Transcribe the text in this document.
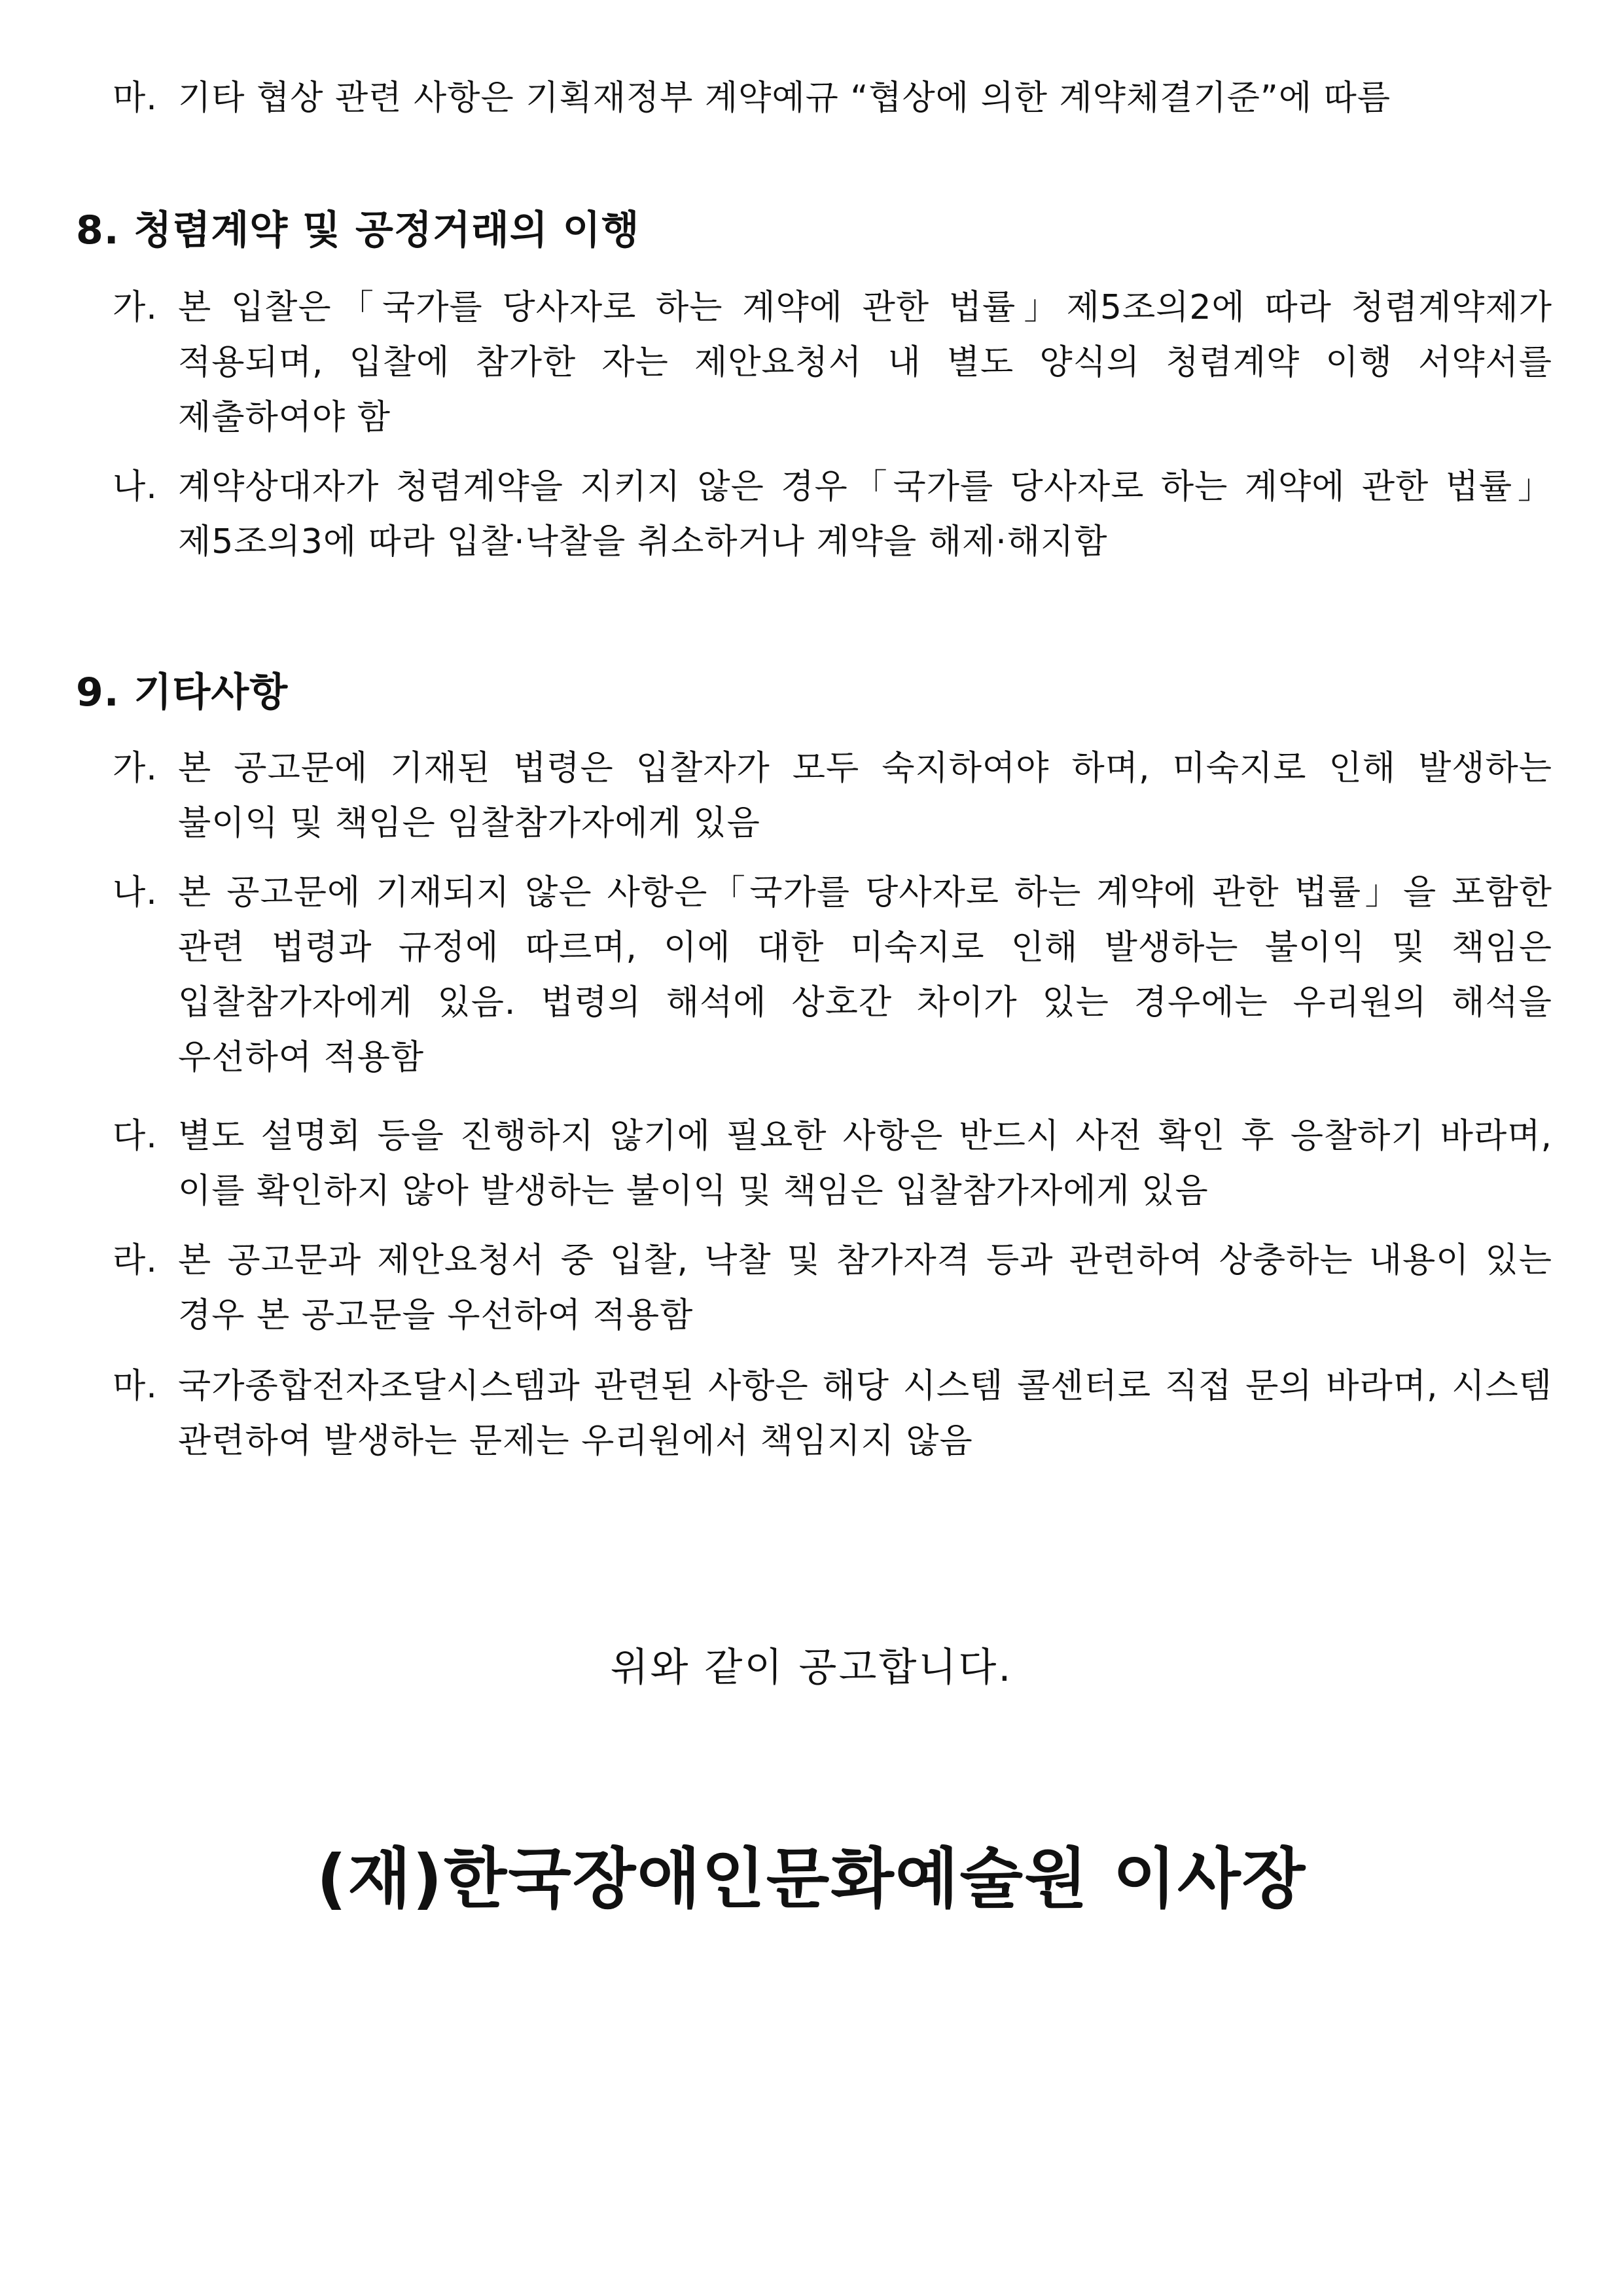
마. 기타 협상 관련 사항은 기획재정부 계약예규 “협상에 의한 계약체결기준”에 따름
8. 청렴계약 및 공정거래의 이행
가. 본 입찰은「국가를 당사자로 하는 계약에 관한 법률」제5조의2에 따라 청렴계약제가 적용되며, 입찰에 참가한 자는 제안요청서 내 별도 양식의 청렴계약 이행 서약서를 제출하여야 함
나. 계약상대자가 청렴계약을 지키지 않은 경우「국가를 당사자로 하는 계약에 관한 법률」제5조의3에 따라 입찰·낙찰을 취소하거나 계약을 해제·해지함
9. 기타사항
가. 본 공고문에 기재된 법령은 입찰자가 모두 숙지하여야 하며, 미숙지로 인해 발생하는 불이익 및 책임은 임찰참가자에게 있음
나. 본 공고문에 기재되지 않은 사항은「국가를 당사자로 하는 계약에 관한 법률」을 포함한 관련 법령과 규정에 따르며, 이에 대한 미숙지로 인해 발생하는 불이익 및 책임은 입찰참가자에게 있음. 법령의 해석에 상호간 차이가 있는 경우에는 우리원의 해석을 우선하여 적용함
다. 별도 설명회 등을 진행하지 않기에 필요한 사항은 반드시 사전 확인 후 응찰하기 바라며, 이를 확인하지 않아 발생하는 불이익 및 책임은 입찰참가자에게 있음
라. 본 공고문과 제안요청서 중 입찰, 낙찰 및 참가자격 등과 관련하여 상충하는 내용이 있는 경우 본 공고문을 우선하여 적용함
마. 국가종합전자조달시스템과 관련된 사항은 해당 시스템 콜센터로 직접 문의 바라며, 시스템 관련하여 발생하는 문제는 우리원에서 책임지지 않음
위와 같이 공고합니다.
(재)한국장애인문화예술원 이사장
